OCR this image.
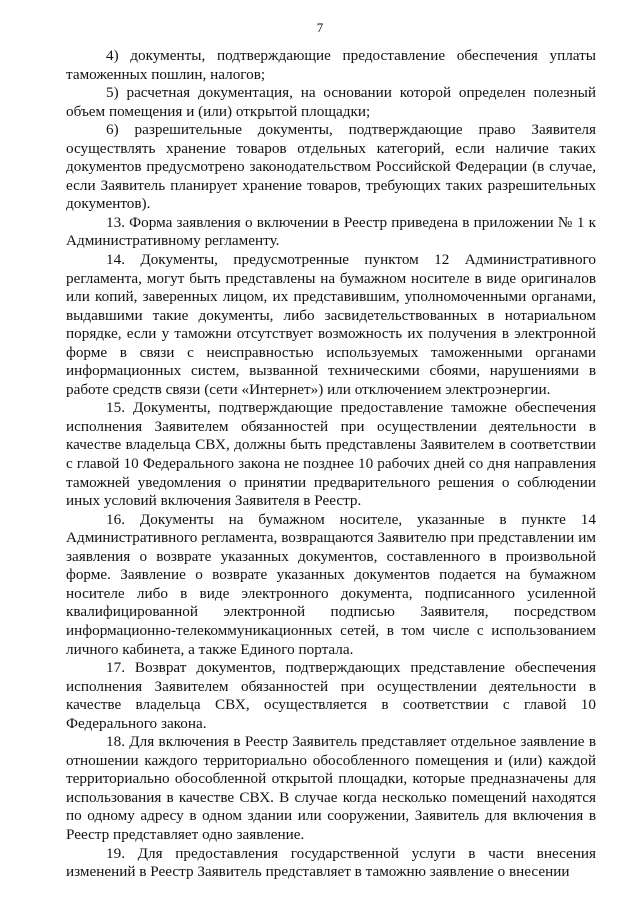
7

4) документы, подтверждающие предоставление обеспечения уплаты таможенных пошлин, налогов;

5) расчетная документация, на основании которой определен полезный объем помещения и (или) открытой площадки;

6) разрешительные документы, подтверждающие право Заявителя осуществлять хранение товаров отдельных категорий, если наличие таких документов предусмотрено законодательством Российской Федерации (в случае, если Заявитель планирует хранение товаров, требующих таких разрешительных документов).

13. Форма заявления о включении в Реестр приведена в приложении № 1 к Административному регламенту.

14. Документы, предусмотренные пунктом 12 Административного регламента, могут быть представлены на бумажном носителе в виде оригиналов или копий, заверенных лицом, их представившим, уполномоченными органами, выдавшими такие документы, либо засвидетельствованных в нотариальном порядке, если у таможни отсутствует возможность их получения в электронной форме в связи с неисправностью используемых таможенными органами информационных систем, вызванной техническими сбоями, нарушениями в работе средств связи (сети «Интернет») или отключением электроэнергии.

15. Документы, подтверждающие предоставление таможне обеспечения исполнения Заявителем обязанностей при осуществлении деятельности в качестве владельца СВХ, должны быть представлены Заявителем в соответствии с главой 10 Федерального закона не позднее 10 рабочих дней со дня направления таможней уведомления о принятии предварительного решения о соблюдении иных условий включения Заявителя в Реестр.

16. Документы на бумажном носителе, указанные в пункте 14 Административного регламента, возвращаются Заявителю при представлении им заявления о возврате указанных документов, составленного в произвольной форме. Заявление о возврате указанных документов подается на бумажном носителе либо в виде электронного документа, подписанного усиленной квалифицированной электронной подписью Заявителя, посредством информационно-телекоммуникационных сетей, в том числе с использованием личного кабинета, а также Единого портала.

17. Возврат документов, подтверждающих представление обеспечения исполнения Заявителем обязанностей при осуществлении деятельности в качестве владельца СВХ, осуществляется в соответствии с главой 10 Федерального закона.

18. Для включения в Реестр Заявитель представляет отдельное заявление в отношении каждого территориально обособленного помещения и (или) каждой территориально обособленной открытой площадки, которые предназначены для использования в качестве СВХ. В случае когда несколько помещений находятся по одному адресу в одном здании или сооружении, Заявитель для включения в Реестр представляет одно заявление.

19. Для предоставления государственной услуги в части внесения изменений в Реестр Заявитель представляет в таможню заявление о внесении
